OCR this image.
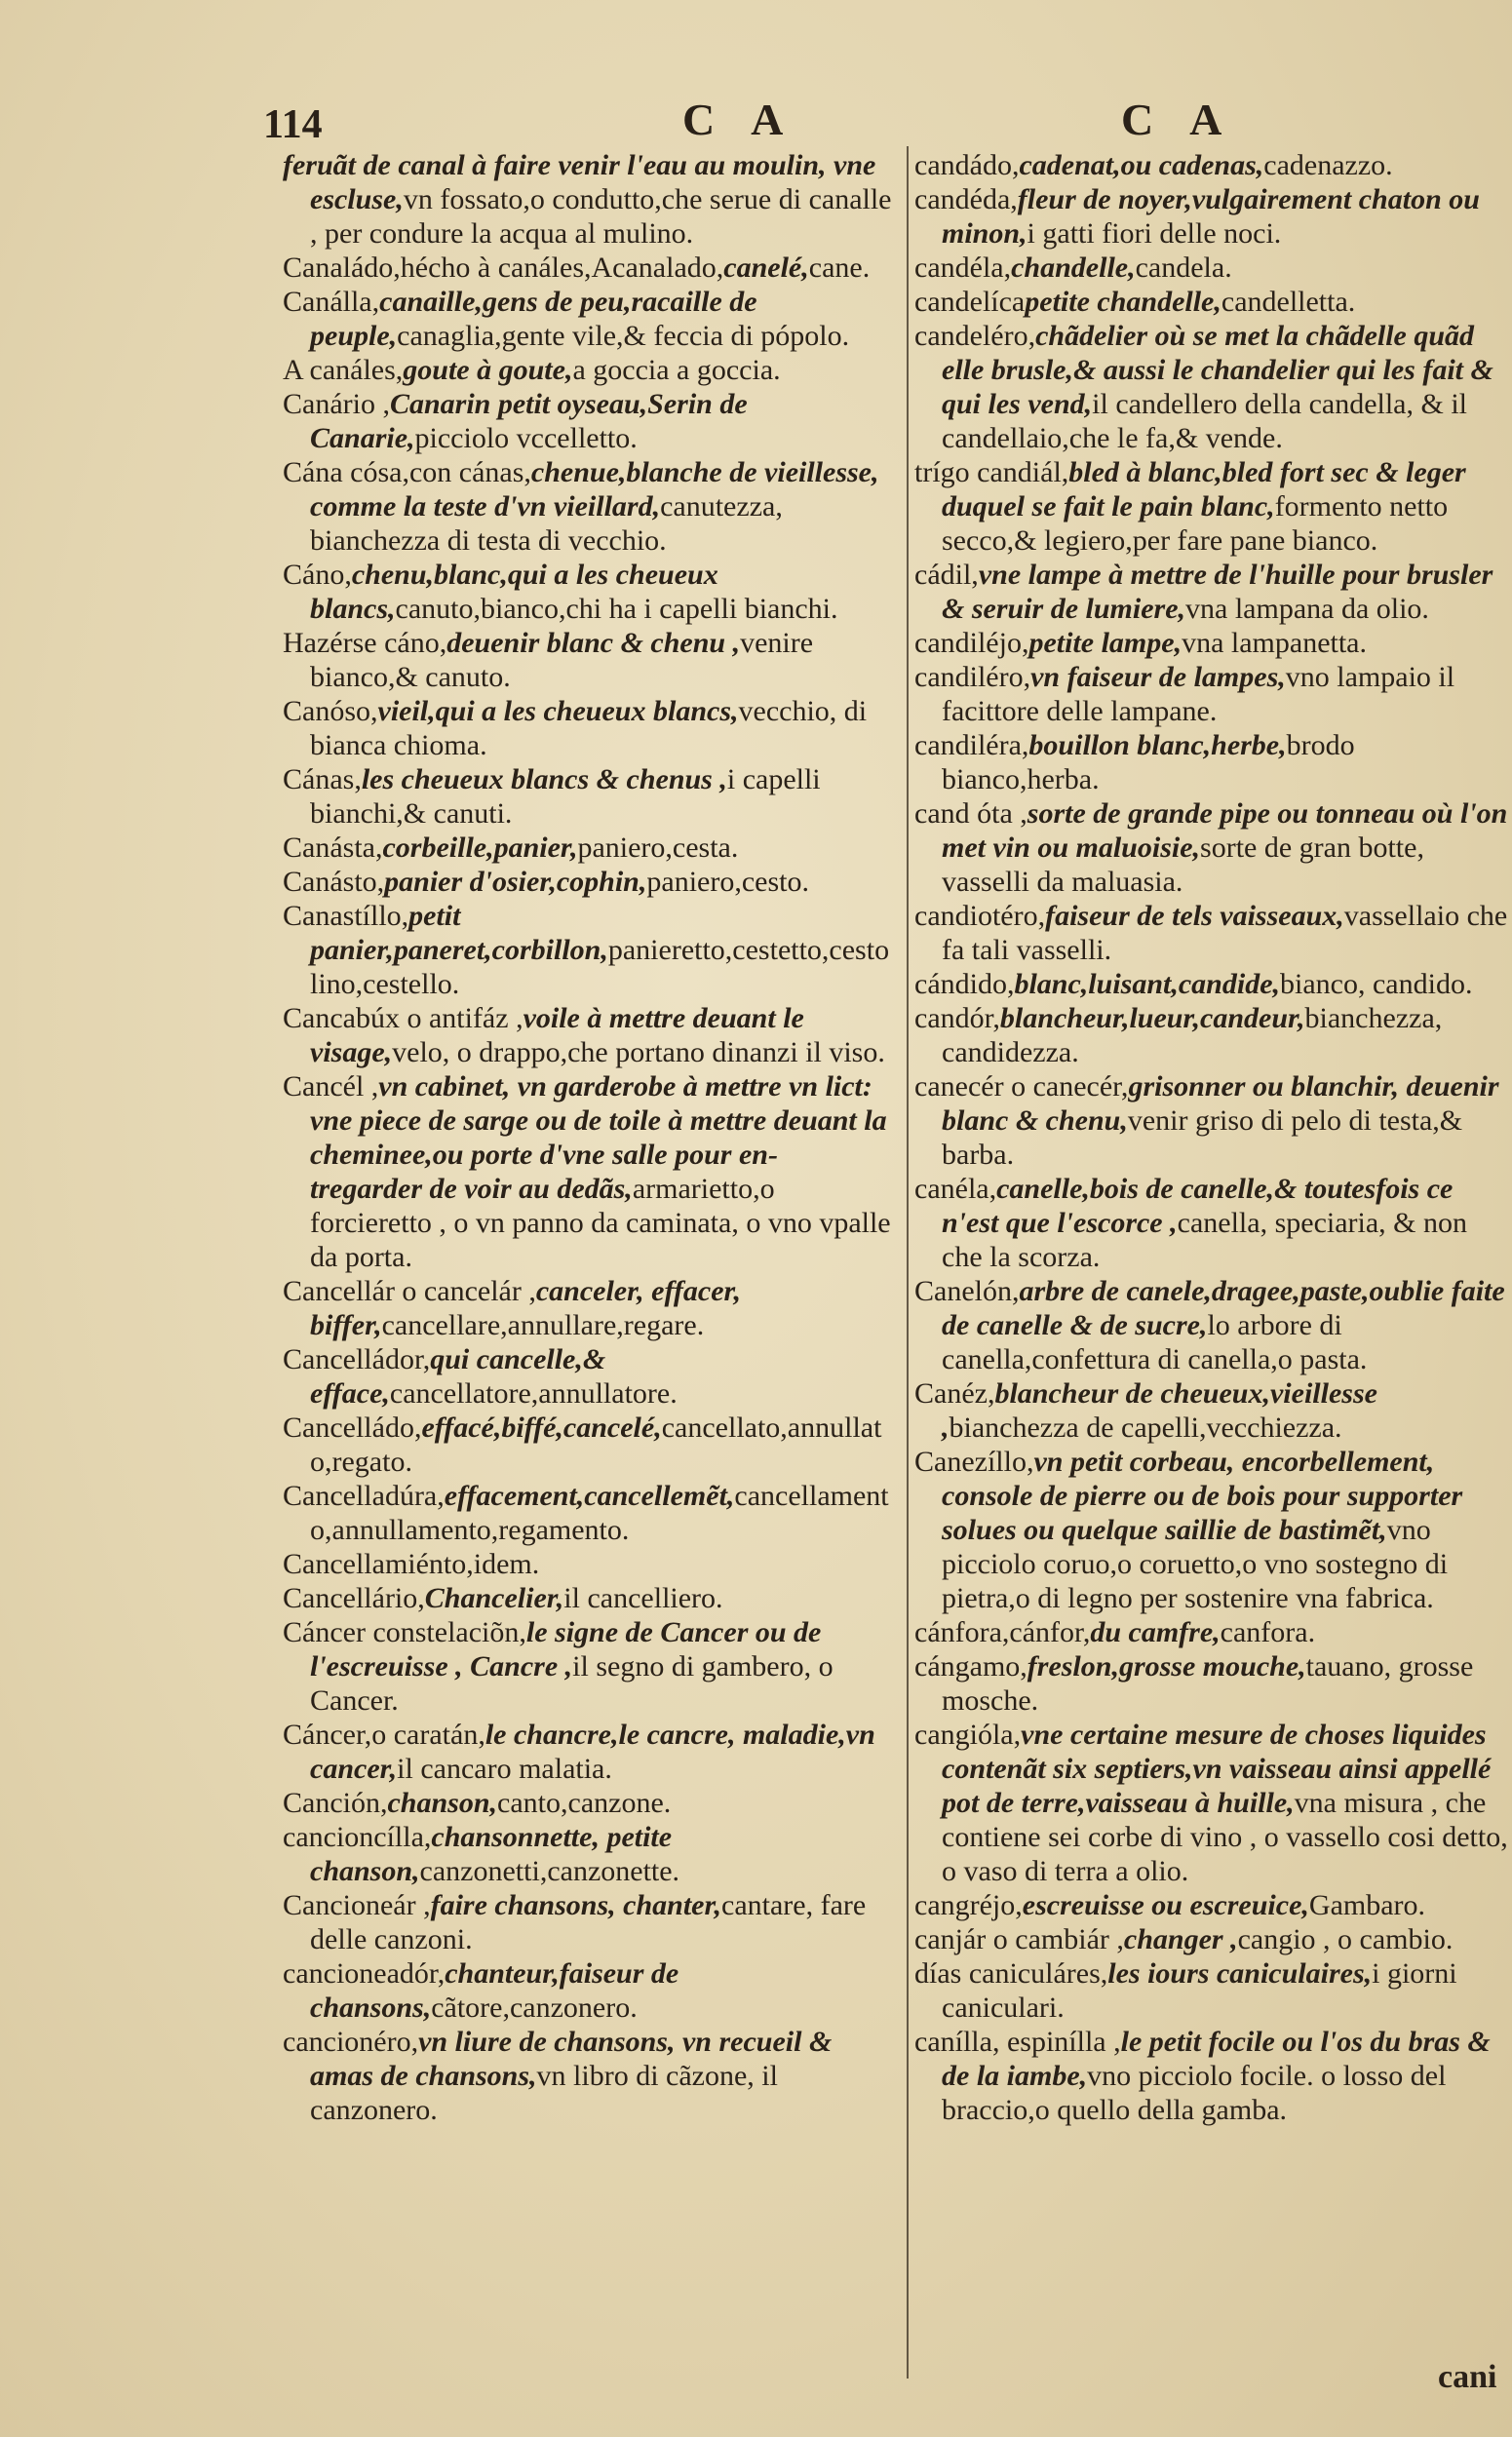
114	C A	C A

feruãt de canal à faire venir l'eau au moulin, vne escluse,vn fossato,o condutto,che serue di canalle , per condure la acqua al mulino.

Canaládo,hécho à canáles,Acanalado,canelé,cane.

Canálla,canaille,gens de peu,racaille de peuple,canaglia,gente vile,& feccia di pópolo.

A canáles,goute à goute,a goccia a goccia.

Canário ,Canarin petit oyseau,Serin de Canarie,picciolo vccelletto.

Cána cósa,con cánas,chenue,blanche de vieillesse, comme la teste d'vn vieillard,canutezza, bianchezza di testa di vecchio.

Cáno,chenu,blanc,qui a les cheueux blancs,canuto,bianco,chi ha i capelli bianchi.

Hazérse cáno,deuenir blanc & chenu ,venire bianco,& canuto.

Canóso,vieil,qui a les cheueux blancs,vecchio, di bianca chioma.

Cánas,les cheueux blancs & chenus ,i capelli bianchi,& canuti.

Canásta,corbeille,panier,paniero,cesta.

Canásto,panier d'osier,cophin,paniero,cesto.

Canastíllo,petit panier,paneret,corbillon,panieretto,cestetto,cestolino,cestello.

Cancabúx o antifáz ,voile à mettre deuant le visage,velo, o drappo,che portano dinanzi il viso.

Cancél ,vn cabinet, vn garderobe à mettre vn lict: vne piece de sarge ou de toile à mettre deuant la cheminee,ou porte d'vne salle pour en- tregarder de voir au dedãs,armarietto,o forcieretto , o vn panno da caminata, o vno vpalle da porta.

Cancellár o cancelár ,canceler, effacer, biffer,cancellare,annullare,regare.

Cancelládor,qui cancelle,& efface,cancellatore,annullatore.

Cancelládo,effacé,biffé,cancelé,cancellato,annullato,regato.

Cancelladúra,effacement,cancellemẽt,cancellamento,annullamento,regamento.

Cancellamiénto,idem.

Cancellário,Chancelier,il cancelliero.

Cáncer constelaciõn,le signe de Cancer ou de l'escreuisse , Cancre ,il segno di gambero, o Cancer.

Cáncer,o caratán,le chancre,le cancre, maladie,vn cancer,il cancaro malatia.

Canción,chanson,canto,canzone.

cancioncílla,chansonnette, petite chanson,canzonetti,canzonette.

Cancioneár ,faire chansons, chanter,cantare, fare delle canzoni.

cancioneadór,chanteur,faiseur de chansons,cãtore,canzonero.

cancionéro,vn liure de chansons, vn recueil & amas de chansons,vn libro di cãzone, il canzonero.

candádo,cadenat,ou cadenas,cadenazzo.

candéda,fleur de noyer,vulgairement chaton ou minon,i gatti fiori delle noci.

candéla,chandelle,candela.

candelícapetite chandelle,candelletta.

candeléro,chãdelier où se met la chãdelle quãd elle brusle,& aussi le chandelier qui les fait & qui les vend,il candellero della candella, & il candellaio,che le fa,& vende.

trígo candiál,bled à blanc,bled fort sec & leger duquel se fait le pain blanc,formento netto secco,& legiero,per fare pane bianco.

cádil,vne lampe à mettre de l'huille pour brusler & seruir de lumiere,vna lampana da olio.

candiléjo,petite lampe,vna lampanetta.

candiléro,vn faiseur de lampes,vno lampaio il facittore delle lampane.

candiléra,bouillon blanc,herbe,brodo bianco,herba.

cand óta ,sorte de grande pipe ou tonneau où l'on met vin ou maluoisie,sorte de gran botte, vasselli da maluasia.

candiotéro,faiseur de tels vaisseaux,vassellaio che fa tali vasselli.

cándido,blanc,luisant,candide,bianco, candido.

candór,blancheur,lueur,candeur,bianchezza, candidezza.

canecér o canecér,grisonner ou blanchir, deuenir blanc & chenu,venir griso di pelo di testa,& barba.

canéla,canelle,bois de canelle,& toutesfois ce n'est que l'escorce ,canella, speciaria, & non che la scorza.

Canelón,arbre de canele,dragee,paste,oublie faite de canelle & de sucre,lo arbore di canella,confettura di canella,o pasta.

Canéz,blancheur de cheueux,vieillesse ,bianchezza de capelli,vecchiezza.

Canezíllo,vn petit corbeau, encorbellement, console de pierre ou de bois pour supporter solues ou quelque saillie de bastimẽt,vno picciolo coruo,o coruetto,o vno sostegno di pietra,o di legno per sostenire vna fabrica.

cánfora,cánfor,du camfre,canfora.

cángamo,freslon,grosse mouche,tauano, grosse mosche.

cangióla,vne certaine mesure de choses liquides contenãt six septiers,vn vaisseau ainsi appellé pot de terre,vaisseau à huille,vna misura , che contiene sei corbe di vino , o vassello cosi detto, o vaso di terra a olio.

cangréjo,escreuisse ou escreuice,Gambaro.

canjár o cambiár ,changer ,cangio , o cambio.

días caniculáres,les iours caniculaires,i giorni caniculari.

canílla, espinílla ,le petit focile ou l'os du bras & de la iambe,vno picciolo focile. o losso del braccio,o quello della gamba.

cani
